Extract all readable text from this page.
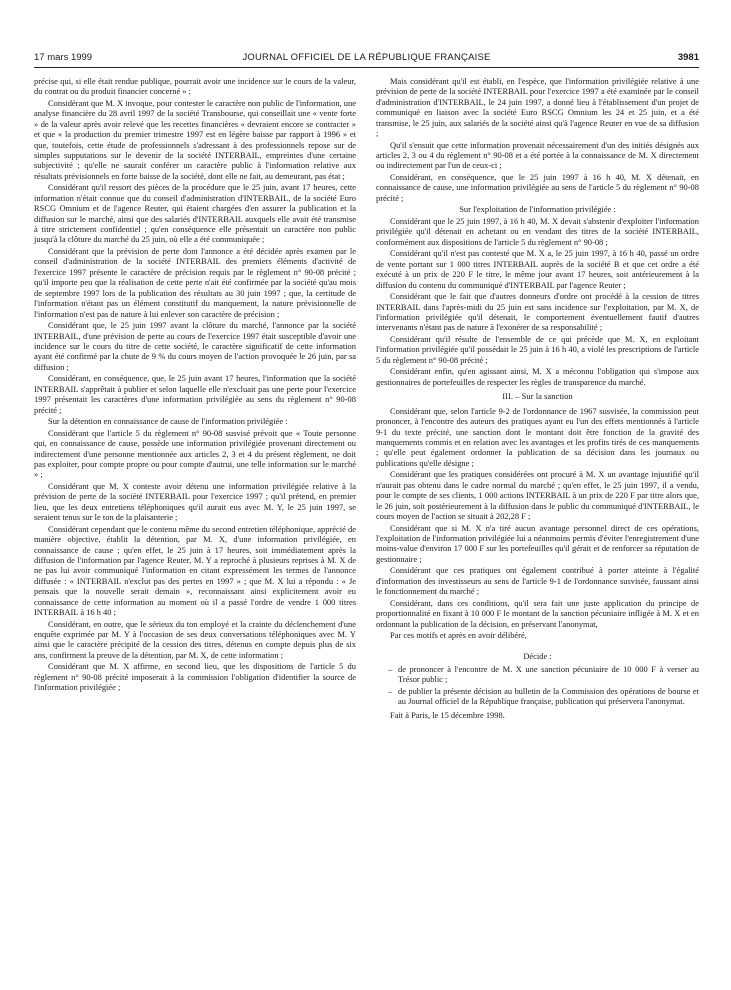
17 mars 1999	JOURNAL OFFICIEL DE LA RÉPUBLIQUE FRANÇAISE	3981

précise qui, si elle était rendue publique, pourrait avoir une incidence sur le cours de la valeur, du contrat ou du produit financier concerné » ;

Considérant que M. X invoque, pour contester le caractère non public de l'information, une analyse financière du 28 avril 1997 de la société Transbourse, qui conseillait une « vente forte » de la valeur après avoir relevé que les recettes financières « devraient encore se contracter » et que « la production du premier trimestre 1997 est en légère baisse par rapport à 1996 » et que, toutefois, cette étude de professionnels s'adressant à des professionnels repose sur de simples supputations sur le devenir de la société INTERBAIL, empreintes d'une certaine subjectivité ; qu'elle ne saurait conférer un caractère public à l'information relative aux résultats prévisionnels en forte baisse de la société, dont elle ne fait, au demeurant, pas état ;

Considérant qu'il ressort des pièces de la procédure que le 25 juin, avant 17 heures, cette information n'était connue que du conseil d'administration d'INTERBAIL, de la société Euro RSCG Omnium et de l'agence Reuter, qui étaient chargées d'en assurer la publication et la diffusion sur le marché, ainsi que des salariés d'INTERBAIL auxquels elle avait été transmise à titre strictement confidentiel ; qu'en conséquence elle présentait un caractère non public jusqu'à la clôture du marché du 25 juin, où elle a été communiquée ;

Considérant que la prévision de perte dont l'annonce a été décidée après examen par le conseil d'administration de la société INTERBAIL des premiers éléments d'activité de l'exercice 1997 présente le caractère de précision requis par le règlement n° 90-08 précité ; qu'il importe peu que la réalisation de cette perte n'ait été confirmée par la société qu'au mois de septembre 1997 lors de la publication des résultats au 30 juin 1997 ; que, la certitude de l'information n'étant pas un élément constitutif du manquement, la nature prévisionnelle de l'information n'est pas de nature à lui enlever son caractère de précision ;

Considérant que, le 25 juin 1997 avant la clôture du marché, l'annonce par la société INTERBAIL, d'une prévision de perte au cours de l'exercice 1997 était susceptible d'avoir une incidence sur le cours du titre de cette société, le caractère significatif de cette information ayant été confirmé par la chute de 9 % du cours moyen de l'action provoquée le 26 juin, par sa diffusion ;

Considérant, en conséquence, que, le 25 juin avant 17 heures, l'information que la société INTERBAIL s'apprêtait à publier et selon laquelle elle n'excluait pas une perte pour l'exercice 1997 présentait les caractères d'une information privilégiée au sens du règlement n° 90-08 précité ;

Sur la détention en connaissance de cause de l'information privilégiée :

Considérant que l'article 5 du règlement n° 90-08 susvisé prévoit que « Toute personne qui, en connaissance de cause, possède une information privilégiée provenant directement ou indirectement d'une personne mentionnée aux articles 2, 3 et 4 du présent règlement, ne doit pas exploiter, pour compte propre ou pour compte d'autrui, une telle information sur le marché » ;

Considérant que M. X conteste avoir détenu une information privilégiée relative à la prévision de perte de la société INTERBAIL pour l'exercice 1997 ; qu'il prétend, en premier lieu, que les deux entretiens téléphoniques qu'il aurait eus avec M. Y, le 25 juin 1997, se seraient tenus sur le ton de la plaisanterie ;

Considérant cependant que le contenu même du second entretien téléphonique, apprécié de manière objective, établit la détention, par M. X, d'une information privilégiée, en connaissance de cause ; qu'en effet, le 25 juin à 17 heures, soit immédiatement après la diffusion de l'information par l'agence Reuter, M. Y a reproché à plusieurs reprises à M. X de ne pas lui avoir communiqué l'information en citant expressément les termes de l'annonce diffusée : « INTERBAIL n'exclut pas des pertes en 1997 » ; que M. X lui a répondu : « Je pensais que la nouvelle serait demain », reconnaissant ainsi explicitement avoir eu connaissance de cette information au moment où il a passé l'ordre de vendre 1 000 titres INTERBAIL à 16 h 40 ;

Considérant, en outre, que le sérieux du ton employé et la crainte du déclenchement d'une enquête exprimée par M. Y à l'occasion de ses deux conversations téléphoniques avec M. Y ainsi que le caractère précipité de la cession des titres, détenus en compte depuis plus de six ans, confirment la preuve de la détention, par M. X, de cette information ;

Considérant que M. X affirme, en second lieu, que les dispositions de l'article 5 du règlement n° 90-08 précité imposerait à la commission l'obligation d'identifier la source de l'information privilégiée ;

Mais considérant qu'il est établi, en l'espèce, que l'information privilégiée relative à une prévision de perte de la société INTERBAIL pour l'exercice 1997 a été examinée par le conseil d'administration d'INTERBAIL, le 24 juin 1997, a donné lieu à l'établissement d'un projet de communiqué en liaison avec la société Euro RSCG Omnium les 24 et 25 juin, et a été transmise, le 25 juin, aux salariés de la société ainsi qu'à l'agence Reuter en vue de sa diffusion ;

Qu'il s'ensuit que cette information provenait nécessairement d'un des initiés désignés aux articles 2, 3 ou 4 du règlement n° 90-08 et a été portée à la connaissance de M. X directement ou indirectement par l'un de ceux-ci ;

Considérant, en conséquence, que le 25 juin 1997 à 16 h 40, M. X détenait, en connaissance de cause, une information privilégiée au sens de l'article 5 du règlement n° 90-08 précité ;

Sur l'exploitation de l'information privilégiée :

Considérant que le 25 juin 1997, à 16 h 40, M. X devait s'abstenir d'exploiter l'information privilégiée qu'il détenait en achetant ou en vendant des titres de la société INTERBAIL, conformément aux dispositions de l'article 5 du règlement n° 90-08 ;

Considérant qu'il n'est pas contesté que M. X a, le 25 juin 1997, à 16 h 40, passé un ordre de vente portant sur 1 000 titres INTERBAIL auprès de la société B et que cet ordre a été exécuté à un prix de 220 F le titre, le même jour avant 17 heures, soit antérieurement à la diffusion du contenu du communiqué d'INTERBAIL par l'agence Reuter ;

Considérant que le fait que d'autres donneurs d'ordre ont procédé à la cession de titres INTERBAIL dans l'après-midi du 25 juin est sans incidence sur l'exploitation, par M. X, de l'information privilégiée qu'il détenait, le comportement éventuellement fautif d'autres intervenants n'étant pas de nature à l'exonérer de sa responsabilité ;

Considérant qu'il résulte de l'ensemble de ce qui précède que M. X, en exploitant l'information privilégiée qu'il possédait le 25 juin à 16 h 40, a violé les prescriptions de l'article 5 du règlement n° 90-08 précité ;

Considérant enfin, qu'en agissant ainsi, M. X a méconnu l'obligation qui s'impose aux gestionnaires de portefeuilles de respecter les règles de transparence du marché.

III. – Sur la sanction

Considérant que, selon l'article 9-2 de l'ordonnance de 1967 susvisée, la commission peut prononcer, à l'encontre des auteurs des pratiques ayant eu l'un des effets mentionnés à l'article 9-1 du texte précité, une sanction dont le montant doit être fonction de la gravité des manquements commis et en relation avec les avantages et les profits tirés de ces manquements ; qu'elle peut également ordonner la publication de sa décision dans les journaux ou publications qu'elle désigne ;

Considérant que les pratiques considérées ont procuré à M. X un avantage injustifié qu'il n'aurait pas obtenu dans le cadre normal du marché ; qu'en effet, le 25 juin 1997, il a vendu, pour le compte de ses clients, 1 000 actions INTERBAIL à un prix de 220 F par titre alors que, le 26 juin, soit postérieurement à la diffusion dans le public du communiqué d'INTERBAIL, le cours moyen de l'action se situait à 202,28 F ;

Considérant que si M. X n'a tiré aucun avantage personnel direct de ces opérations, l'exploitation de l'information privilégiée lui a néanmoins permis d'éviter l'enregistrement d'une moins-value d'environ 17 000 F sur les portefeuilles qu'il gérait et de renforcer sa réputation de gestionnaire ;

Considérant que ces pratiques ont également contribué à porter atteinte à l'égalité d'information des investisseurs au sens de l'article 9-1 de l'ordonnance susvisée, faussant ainsi le fonctionnement du marché ;

Considérant, dans ces conditions, qu'il sera fait une juste application du principe de proportionnalité en fixant à 10 000 F le montant de la sanction pécuniaire infligée à M. X et en ordonnant la publication de la décision, en préservant l'anonymat,

Par ces motifs et après en avoir délibéré,

Décide :

– de prononcer à l'encontre de M. X une sanction pécuniaire de 10 000 F à verser au Trésor public ;
– de publier la présente décision au bulletin de la Commission des opérations de bourse et au Journal officiel de la République française, publication qui préservera l'anonymat.

Fait à Paris, le 15 décembre 1998.
